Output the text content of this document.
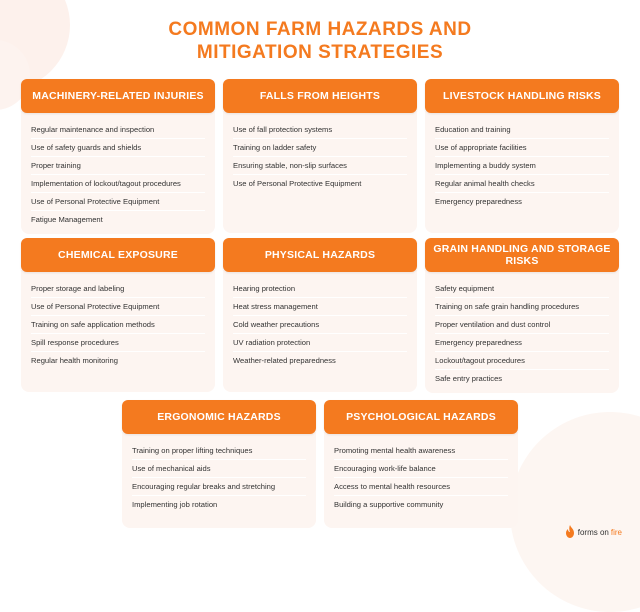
COMMON FARM HAZARDS AND
MITIGATION STRATEGIES
MACHINERY-RELATED INJURIES
Regular maintenance and inspection
Use of safety guards and shields
Proper training
Implementation of lockout/tagout procedures
Use of Personal Protective Equipment
Fatigue Management
FALLS FROM HEIGHTS
Use of fall protection systems
Training on ladder safety
Ensuring stable, non-slip surfaces
Use of Personal Protective Equipment
LIVESTOCK HANDLING RISKS
Education and training
Use of appropriate facilities
Implementing a buddy system
Regular animal health checks
Emergency preparedness
CHEMICAL EXPOSURE
Proper storage and labeling
Use of Personal Protective Equipment
Training on safe application methods
Spill response procedures
Regular health monitoring
PHYSICAL HAZARDS
Hearing protection
Heat stress management
Cold weather precautions
UV radiation protection
Weather-related preparedness
GRAIN HANDLING AND STORAGE RISKS
Safety equipment
Training on safe grain handling procedures
Proper ventilation and dust control
Emergency preparedness
Lockout/tagout procedures
Safe entry practices
ERGONOMIC HAZARDS
Training on proper lifting techniques
Use of mechanical aids
Encouraging regular breaks and stretching
Implementing job rotation
PSYCHOLOGICAL HAZARDS
Promoting mental health awareness
Encouraging work-life balance
Access to mental health resources
Building a supportive community
forms on fire
